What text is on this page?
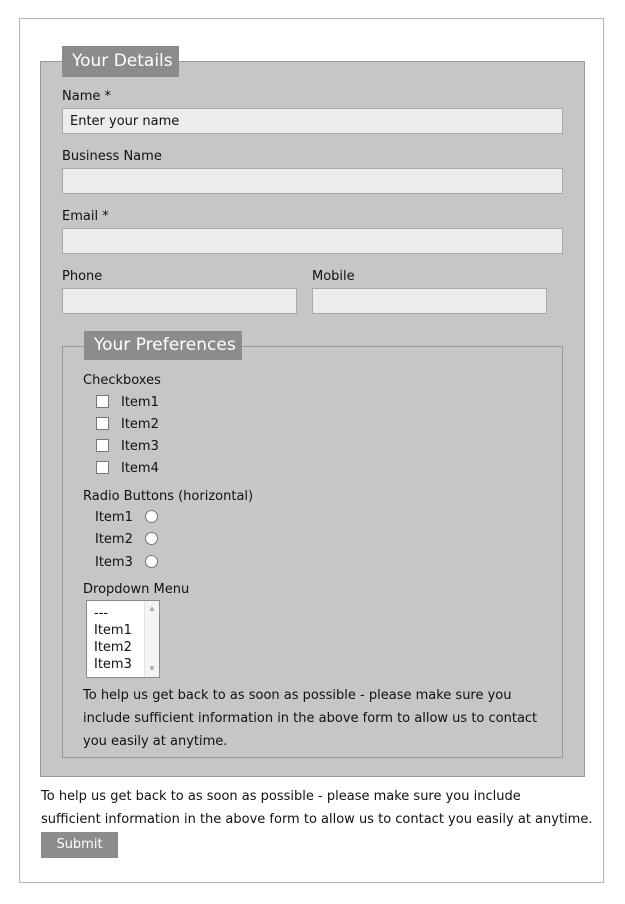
Your Details
Name *
Enter your name
Business Name
Email *
Phone	Mobile
Your Preferences
Checkboxes
Item1
Item2
Item3
Item4
Radio Buttons (horizontal)
Item1
Item2
Item3
Dropdown Menu
---
Item1
Item2
Item3
▲
▼
To help us get back to as soon as possible - please make sure you
include sufficient information in the above form to allow us to contact
you easily at anytime.
To help us get back to as soon as possible - please make sure you include
sufficient information in the above form to allow us to contact you easily at anytime.
Submit
